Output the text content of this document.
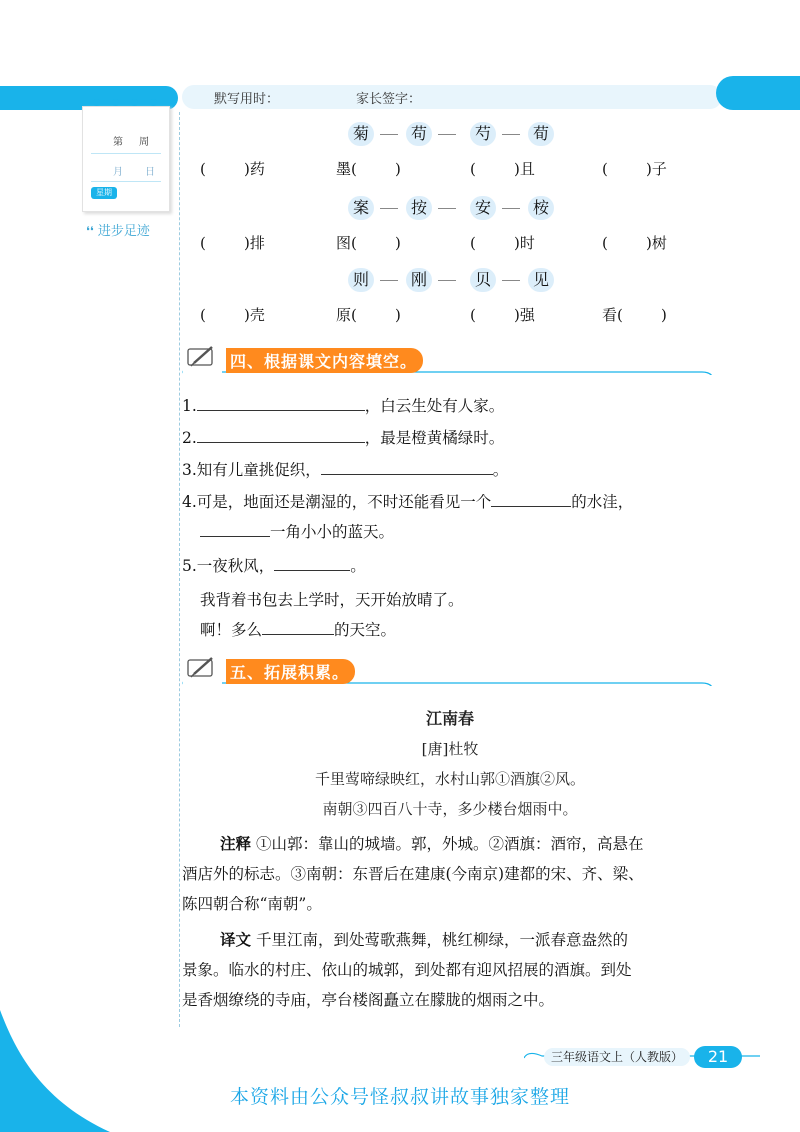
默写用时：	家长签字：
第 周
月 日
星期
❛❛ 进步足迹
菊	苟	芍	荀
(        )药	墨(        )	(        )且	(        )子
案	按	安	桉
(        )排	图(        )	(        )时	(        )树
则	刚	贝	见
(        )壳	原(        )	(        )强	看(        )
四、根据课文内容填空。
1.	，白云生处有人家。
2.	，最是橙黄橘绿时。
3.知有儿童挑促织，	。
4.可是，地面还是潮湿的，不时还能看见一个	的水洼，
一角小小的蓝天。
5.一夜秋风，	。
我背着书包去上学时，天开始放晴了。
啊！多么	的天空。
五、拓展积累。
江南春
[唐]杜牧
千里莺啼绿映红，水村山郭①酒旗②风。
南朝③四百八十寺，多少楼台烟雨中。
注释 ①山郭：靠山的城墙。郭，外城。②酒旗：酒帘，高悬在
酒店外的标志。③南朝：东晋后在建康(今南京)建都的宋、齐、梁、
陈四朝合称“南朝”。
译文 千里江南，到处莺歌燕舞，桃红柳绿，一派春意盎然的
景象。临水的村庄、依山的城郭，到处都有迎风招展的酒旗。到处
是香烟缭绕的寺庙，亭台楼阁矗立在朦胧的烟雨之中。
三年级语文上（人教版）	21
本资料由公众号怪叔叔讲故事独家整理
